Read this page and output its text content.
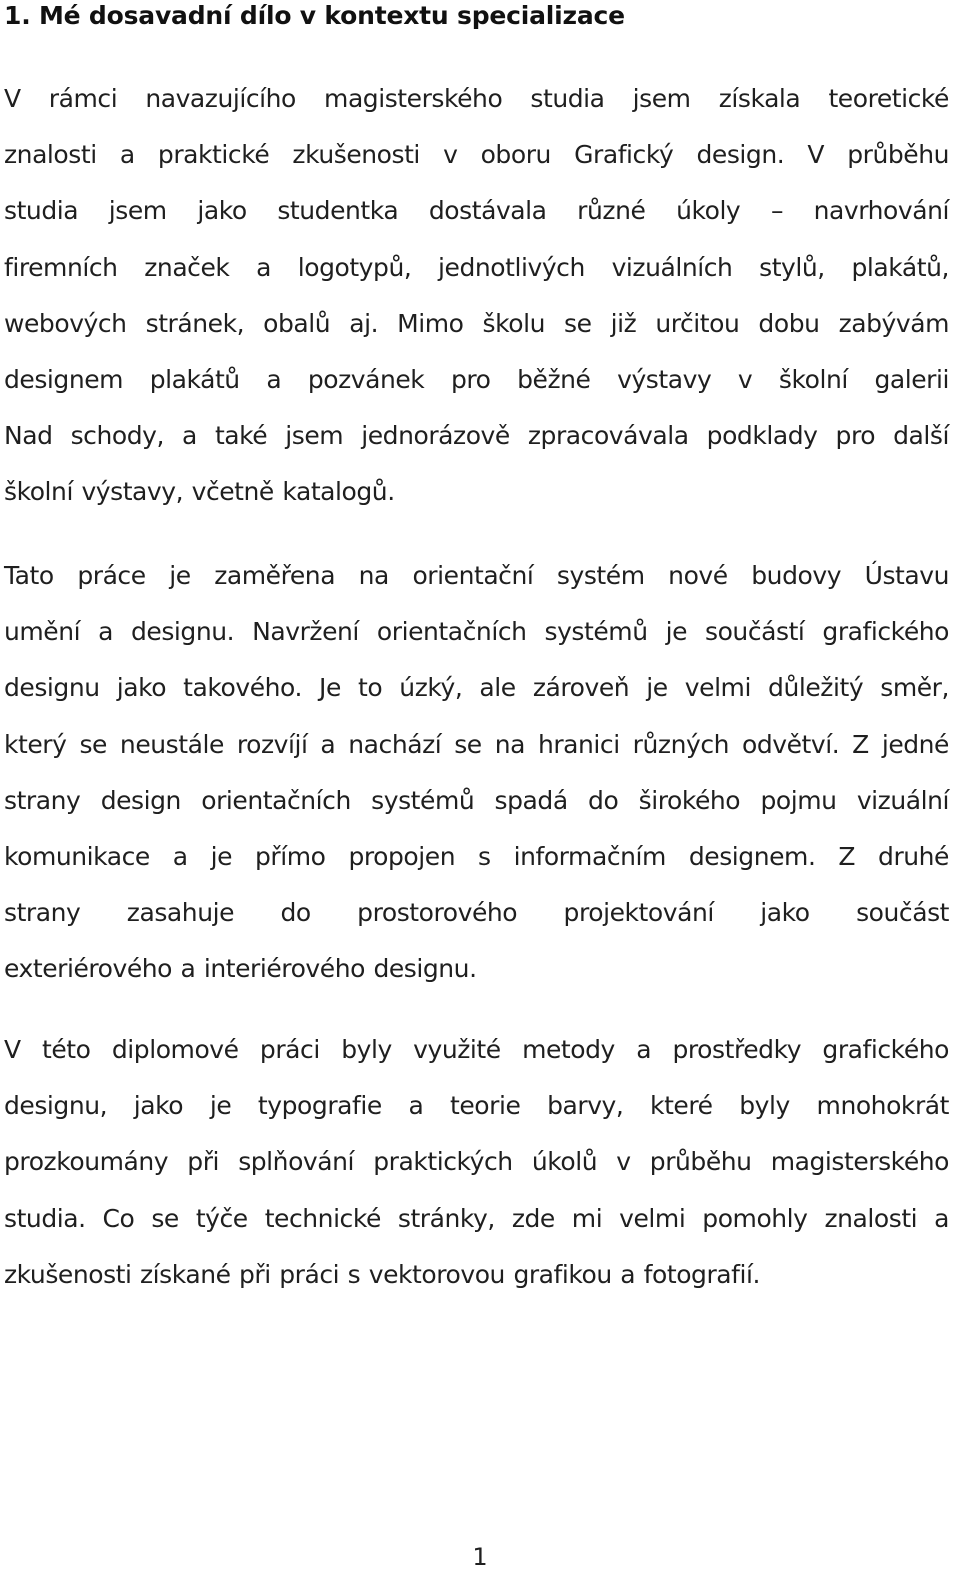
1. Mé dosavadní dílo v kontextu specializace

V rámci navazujícího magisterského studia jsem získala teoretické
znalosti a praktické zkušenosti v oboru Grafický design. V průběhu
studia jsem jako studentka dostávala různé úkoly – navrhování
firemních značek a logotypů, jednotlivých vizuálních stylů, plakátů,
webových stránek, obalů aj. Mimo školu se již určitou dobu zabývám
designem plakátů a pozvánek pro běžné výstavy v školní galerii
Nad schody, a také jsem jednorázově zpracovávala podklady pro další
školní výstavy, včetně katalogů.

Tato práce je zaměřena na orientační systém nové budovy Ústavu
umění a designu. Navržení orientačních systémů je součástí grafického
designu jako takového. Je to úzký, ale zároveň je velmi důležitý směr,
který se neustále rozvíjí a nachází se na hranici různých odvětví. Z jedné
strany design orientačních systémů spadá do širokého pojmu vizuální
komunikace a je přímo propojen s informačním designem. Z druhé
strany zasahuje do prostorového projektování jako součást
exteriérového a interiérového designu.

V této diplomové práci byly využité metody a prostředky grafického
designu, jako je typografie a teorie barvy, které byly mnohokrát
prozkoumány při splňování praktických úkolů v průběhu magisterského
studia. Co se týče technické stránky, zde mi velmi pomohly znalosti a
zkušenosti získané při práci s vektorovou grafikou a fotografií.

1
